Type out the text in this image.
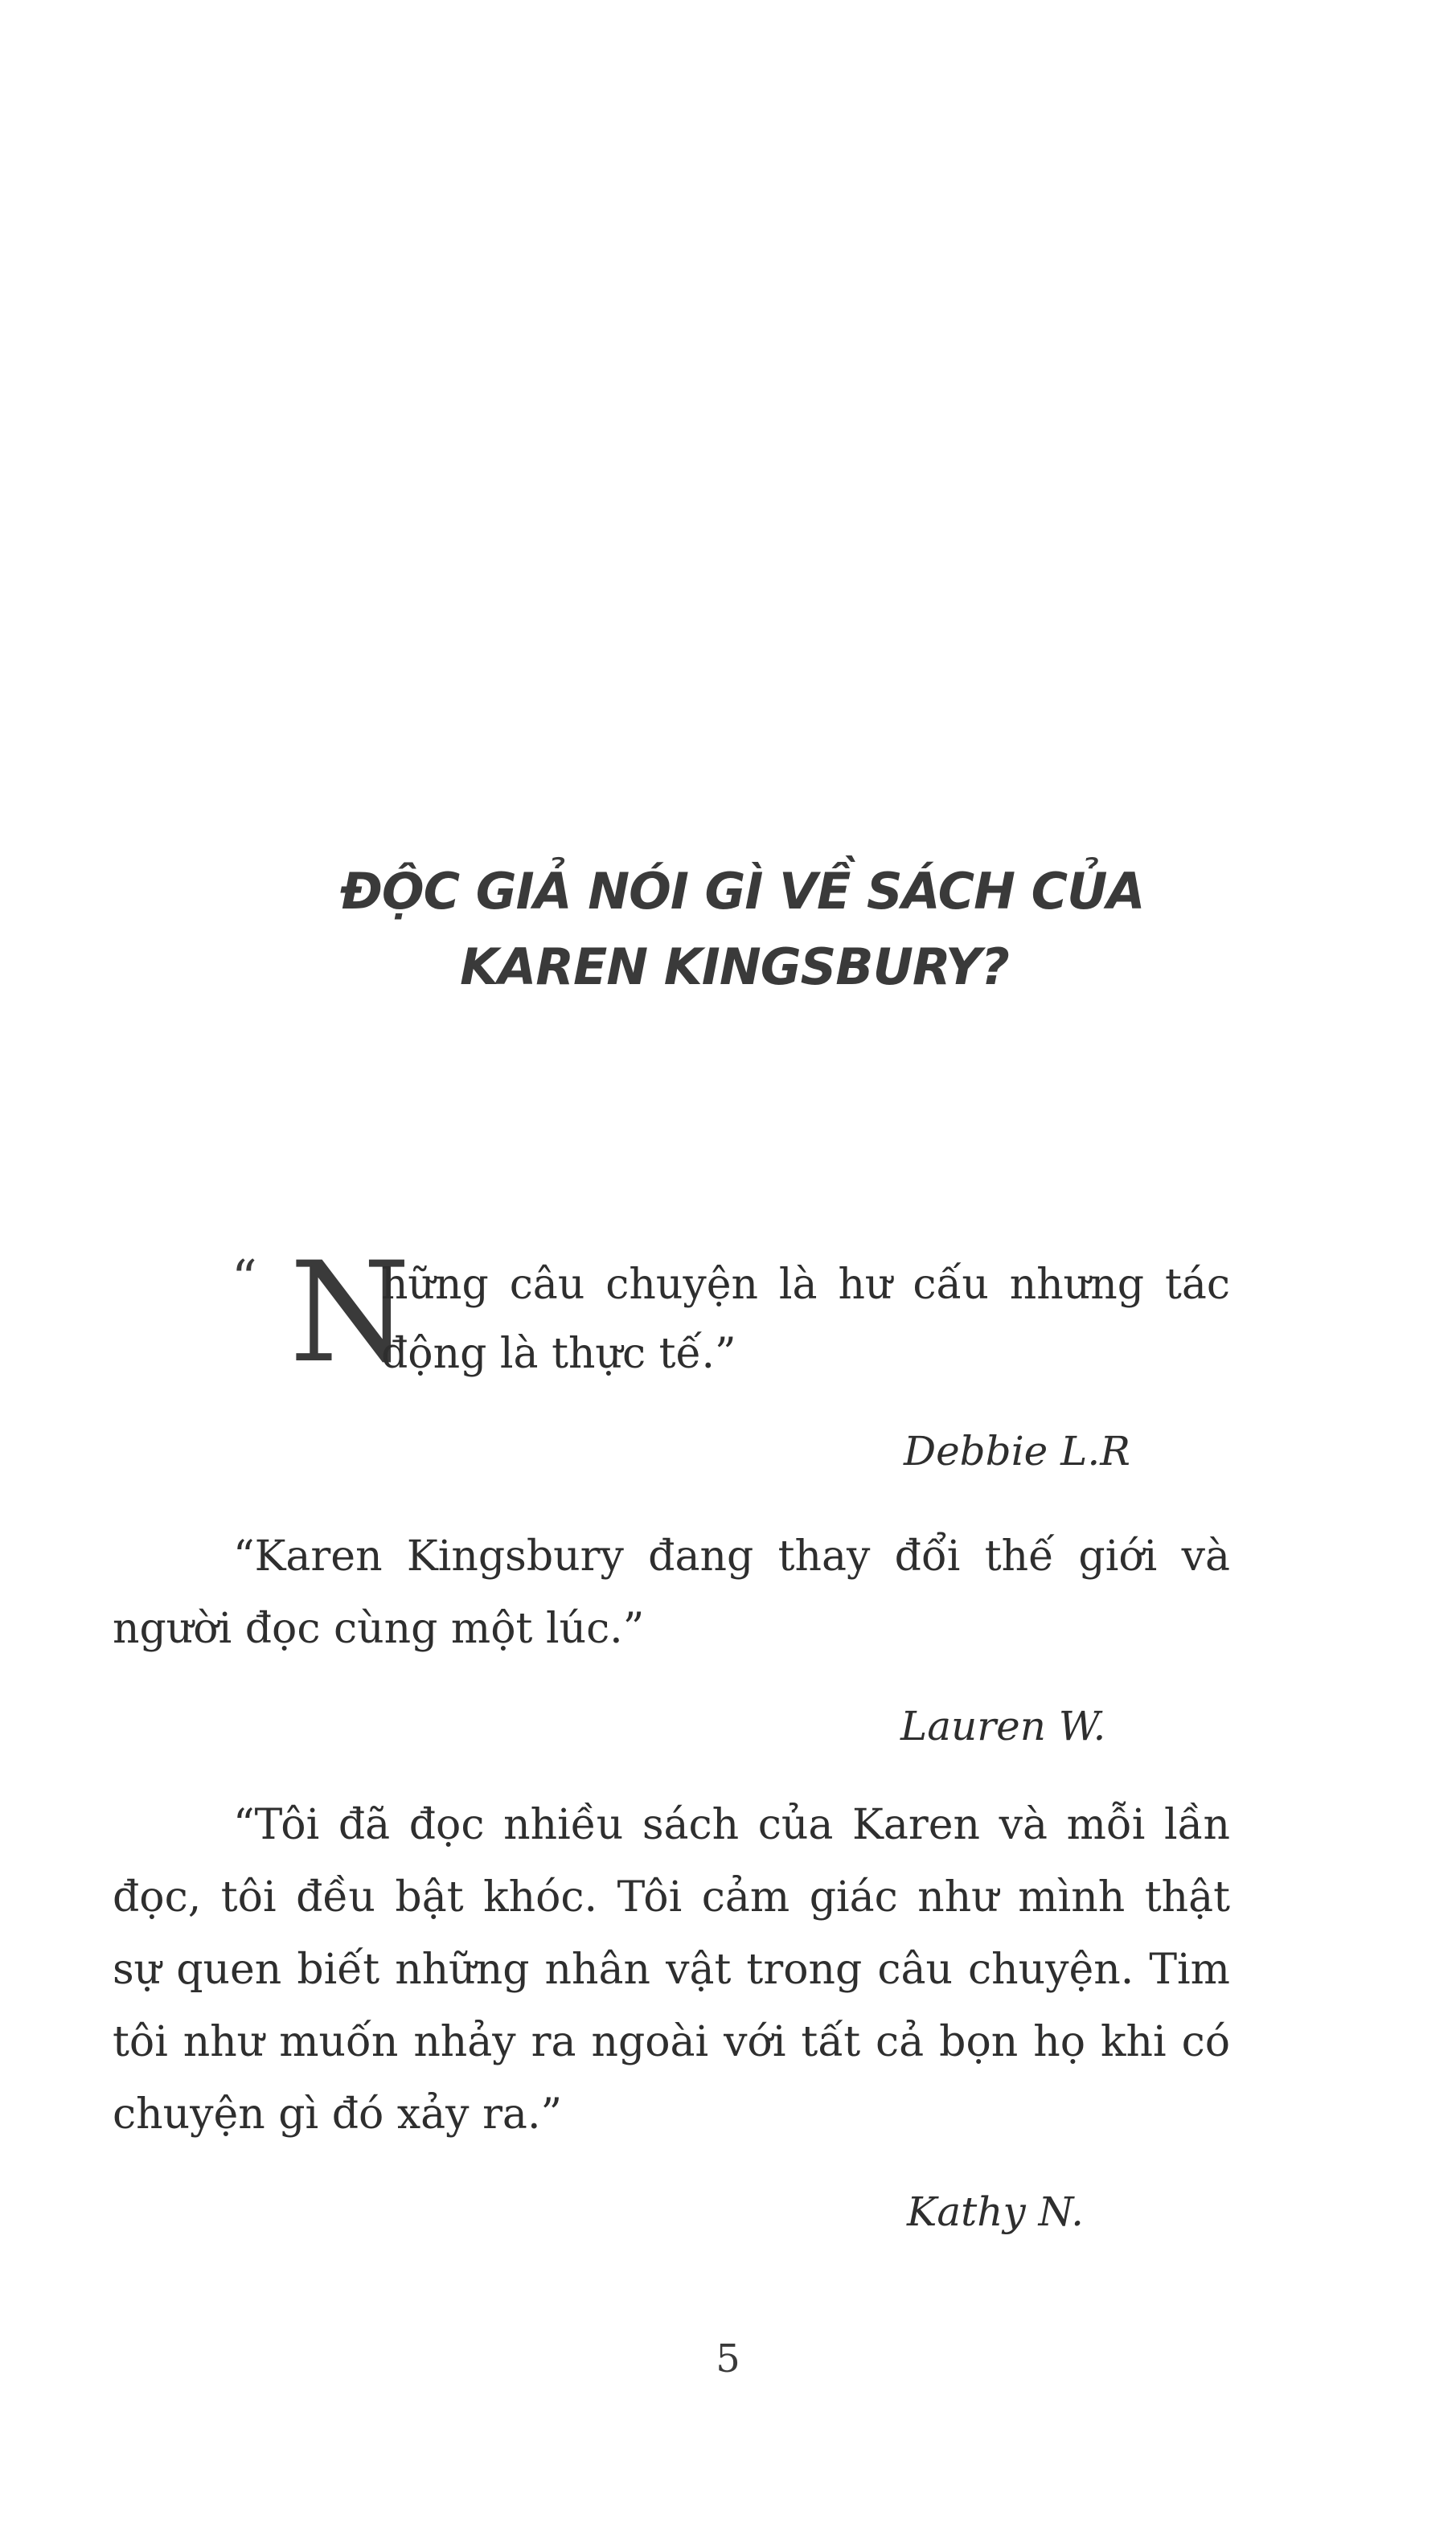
ĐỘC GIẢ NÓI GÌ VỀ SÁCH CỦA
KAREN KINGSBURY?
“ N
hững câu chuyện là hư cấu nhưng tác
động là thực tế.”
Debbie L.R
“Karen Kingsbury đang thay đổi thế giới và
người đọc cùng một lúc.”
Lauren W.
“Tôi đã đọc nhiều sách của Karen và mỗi lần
đọc, tôi đều bật khóc. Tôi cảm giác như mình thật
sự quen biết những nhân vật trong câu chuyện. Tim
tôi như muốn nhảy ra ngoài với tất cả bọn họ khi có
chuyện gì đó xảy ra.”
Kathy N.
5
